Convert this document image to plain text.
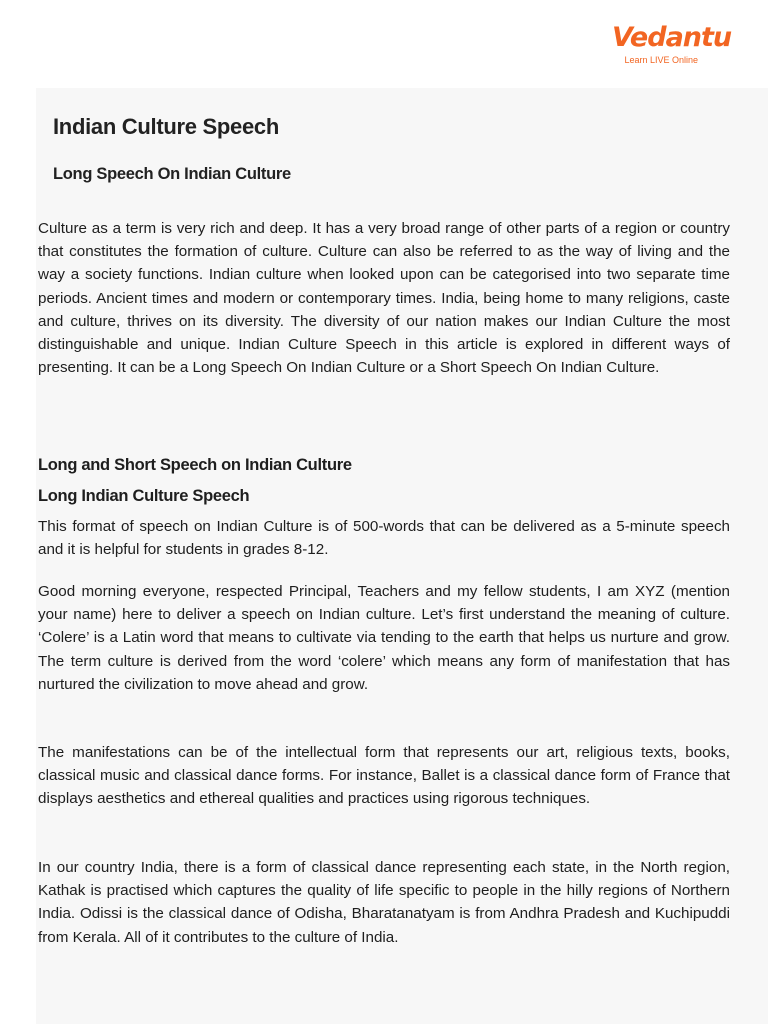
Vedantu
Learn LIVE Online
Indian Culture Speech
Long Speech On Indian Culture

Culture as a term is very rich and deep. It has a very broad range of other parts of a region or country that constitutes the formation of culture. Culture can also be referred to as the way of living and the way a society functions. Indian culture when looked upon can be categorised into two separate time periods. Ancient times and modern or contemporary times. India, being home to many religions, caste and culture, thrives on its diversity. The diversity of our nation makes our Indian Culture the most distinguishable and unique. Indian Culture Speech in this article is explored in different ways of presenting. It can be a Long Speech On Indian Culture or a Short Speech On Indian Culture.

Long and Short Speech on Indian Culture
Long Indian Culture Speech

This format of speech on Indian Culture is of 500-words that can be delivered as a 5-minute speech and it is helpful for students in grades 8-12.

Good morning everyone, respected Principal, Teachers and my fellow students, I am XYZ (mention your name) here to deliver a speech on Indian culture. Let’s first understand the meaning of culture. ‘Colere’ is a Latin word that means to cultivate via tending to the earth that helps us nurture and grow. The term culture is derived from the word ‘colere’ which means any form of manifestation that has nurtured the civilization to move ahead and grow.

The manifestations can be of the intellectual form that represents our art, religious texts, books, classical music and classical dance forms. For instance, Ballet is a classical dance form of France that displays aesthetics and ethereal qualities and practices using rigorous techniques.

In our country India, there is a form of classical dance representing each state, in the North region, Kathak is practised which captures the quality of life specific to people in the hilly regions of Northern India. Odissi is the classical dance of Odisha, Bharatanatyam is from Andhra Pradesh and Kuchipuddi from Kerala. All of it contributes to the culture of India.
